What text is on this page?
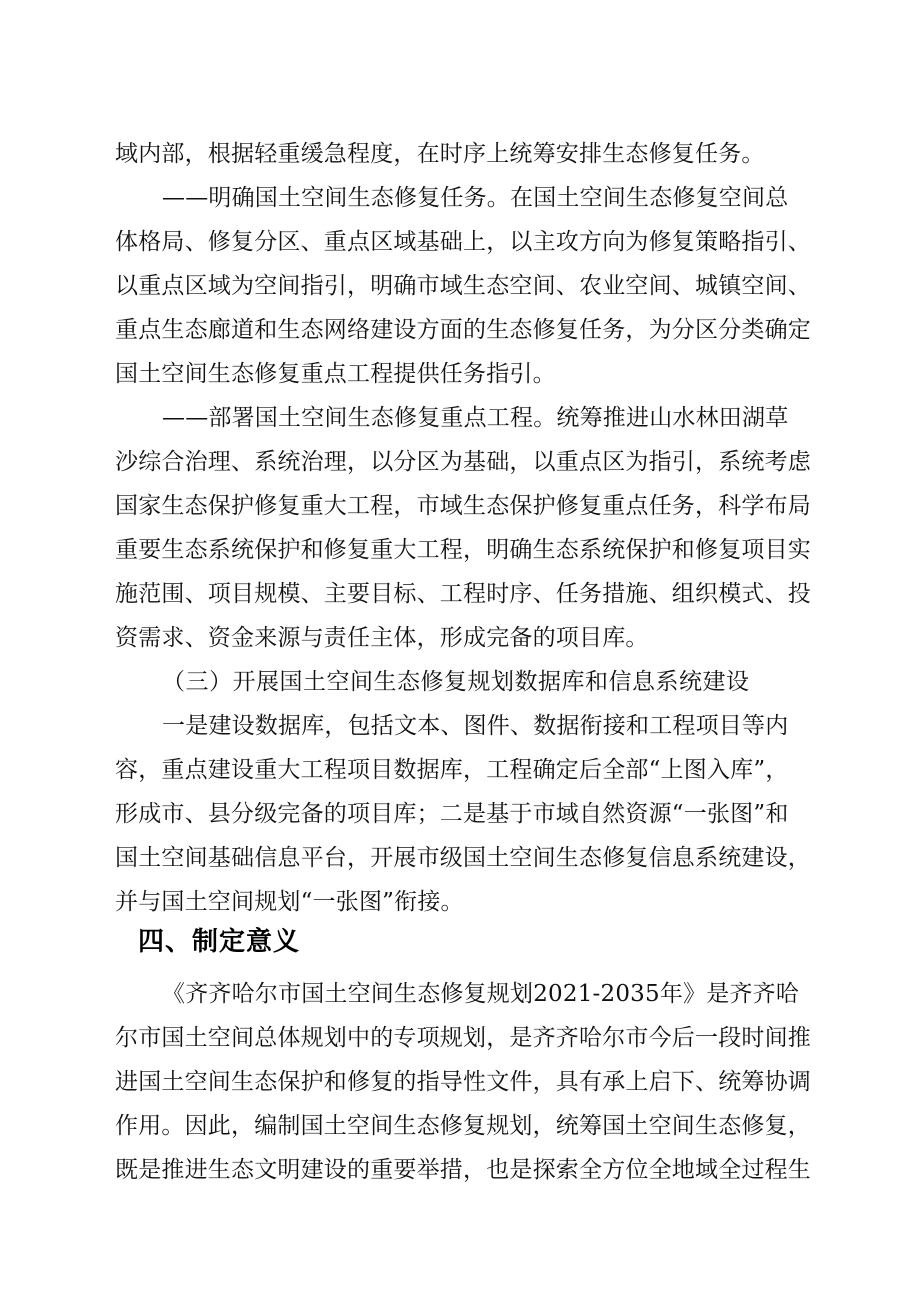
域内部，根据轻重缓急程度，在时序上统筹安排生态修复任务。
——明确国土空间生态修复任务。在国土空间生态修复空间总
体格局、修复分区、重点区域基础上，以主攻方向为修复策略指引、
以重点区域为空间指引，明确市域生态空间、农业空间、城镇空间、
重点生态廊道和生态网络建设方面的生态修复任务，为分区分类确定
国土空间生态修复重点工程提供任务指引。
——部署国土空间生态修复重点工程。统筹推进山水林田湖草
沙综合治理、系统治理，以分区为基础，以重点区为指引，系统考虑
国家生态保护修复重大工程，市域生态保护修复重点任务，科学布局
重要生态系统保护和修复重大工程，明确生态系统保护和修复项目实
施范围、项目规模、主要目标、工程时序、任务措施、组织模式、投
资需求、资金来源与责任主体，形成完备的项目库。
（三）开展国土空间生态修复规划数据库和信息系统建设
一是建设数据库，包括文本、图件、数据衔接和工程项目等内
容，重点建设重大工程项目数据库，工程确定后全部“上图入库”，
形成市、县分级完备的项目库；二是基于市域自然资源“一张图”和
国土空间基础信息平台，开展市级国土空间生态修复信息系统建设，
并与国土空间规划“一张图”衔接。
四、制定意义
《齐齐哈尔市国土空间生态修复规划2021-2035年》是齐齐哈
尔市国土空间总体规划中的专项规划，是齐齐哈尔市今后一段时间推
进国土空间生态保护和修复的指导性文件，具有承上启下、统筹协调
作用。因此，编制国土空间生态修复规划，统筹国土空间生态修复，
既是推进生态文明建设的重要举措，也是探索全方位全地域全过程生
